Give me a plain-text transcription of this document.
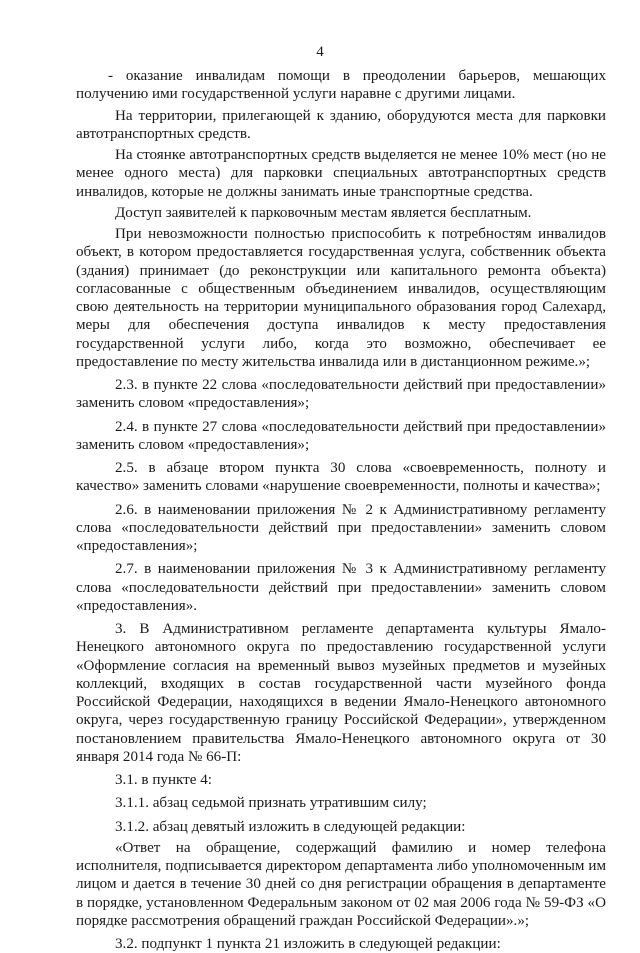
4

- оказание инвалидам помощи в преодолении барьеров, мешающих получению ими государственной услуги наравне с другими лицами.

На территории, прилегающей к зданию, оборудуются места для парковки автотранспортных средств.

На стоянке автотранспортных средств выделяется не менее 10% мест (но не менее одного места) для парковки специальных автотранспортных средств инвалидов, которые не должны занимать иные транспортные средства.

Доступ заявителей к парковочным местам является бесплатным.

При невозможности полностью приспособить к потребностям инвалидов объект, в котором предоставляется государственная услуга, собственник объекта (здания) принимает (до реконструкции или капитального ремонта объекта) согласованные с общественным объединением инвалидов, осуществляющим свою деятельность на территории муниципального образования город Салехард, меры для обеспечения доступа инвалидов к месту предоставления государственной услуги либо, когда это возможно, обеспечивает ее предоставление по месту жительства инвалида или в дистанционном режиме.»;

2.3. в пункте 22 слова «последовательности действий при предоставлении» заменить словом «предоставления»;

2.4. в пункте 27 слова «последовательности действий при предоставлении» заменить словом «предоставления»;

2.5. в абзаце втором пункта 30 слова «своевременность, полноту и качество» заменить словами «нарушение своевременности, полноты и качества»;

2.6. в наименовании приложения № 2 к Административному регламенту слова «последовательности действий при предоставлении» заменить словом «предоставления»;

2.7. в наименовании приложения № 3 к Административному регламенту слова «последовательности действий при предоставлении» заменить словом «предоставления».

3. В Административном регламенте департамента культуры Ямало-Ненецкого автономного округа по предоставлению государственной услуги «Оформление согласия на временный вывоз музейных предметов и музейных коллекций, входящих в состав государственной части музейного фонда Российской Федерации, находящихся в ведении Ямало-Ненецкого автономного округа, через государственную границу Российской Федерации», утвержденном постановлением правительства Ямало-Ненецкого автономного округа от 30 января 2014 года № 66-П:

3.1. в пункте 4:

3.1.1. абзац седьмой признать утратившим силу;

3.1.2. абзац девятый изложить в следующей редакции:

«Ответ на обращение, содержащий фамилию и номер телефона исполнителя, подписывается директором департамента либо уполномоченным им лицом и дается в течение 30 дней со дня регистрации обращения в департаменте в порядке, установленном Федеральным законом от 02 мая 2006 года № 59-ФЗ «О порядке рассмотрения обращений граждан Российской Федерации».»;

3.2. подпункт 1 пункта 21 изложить в следующей редакции:
